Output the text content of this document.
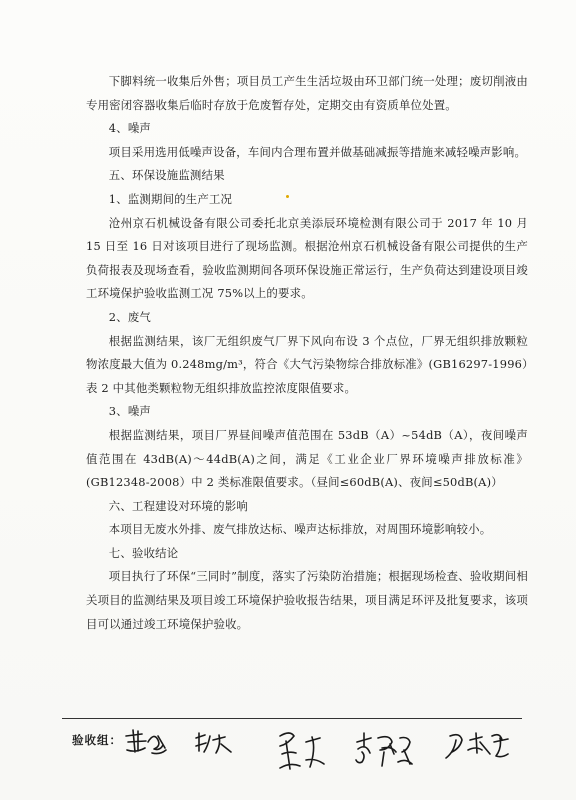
下脚料统一收集后外售；项目员工产生生活垃圾由环卫部门统一处理；废切削液由专用密闭容器收集后临时存放于危废暂存处，定期交由有资质单位处置。

4、噪声

项目采用选用低噪声设备，车间内合理布置并做基础减振等措施来减轻噪声影响。

五、环保设施监测结果

1、监测期间的生产工况

沧州京石机械设备有限公司委托北京美添辰环境检测有限公司于 2017 年 10 月 15 日至 16 日对该项目进行了现场监测。根据沧州京石机械设备有限公司提供的生产负荷报表及现场查看，验收监测期间各项环保设施正常运行，生产负荷达到建设项目竣工环境保护验收监测工况 75%以上的要求。

2、废气

根据监测结果，该厂无组织废气厂界下风向布设 3 个点位，厂界无组织排放颗粒物浓度最大值为 0.248mg/m³，符合《大气污染物综合排放标准》(GB16297-1996）表 2 中其他类颗粒物无组织排放监控浓度限值要求。

3、噪声

根据监测结果，项目厂界昼间噪声值范围在 53dB（A）~54dB（A），夜间噪声值范围在 43dB(A)～44dB(A)之间，满足《工业企业厂界环境噪声排放标准》(GB12348-2008）中 2 类标准限值要求。（昼间≤60dB(A)、夜间≤50dB(A)）

六、工程建设对环境的影响

本项目无废水外排、废气排放达标、噪声达标排放，对周围环境影响较小。

七、验收结论

项目执行了环保“三同时”制度，落实了污染防治措施；根据现场检查、验收期间相关项目的监测结果及项目竣工环境保护验收报告结果，项目满足环评及批复要求，该项目可以通过竣工环境保护验收。

验收组：
